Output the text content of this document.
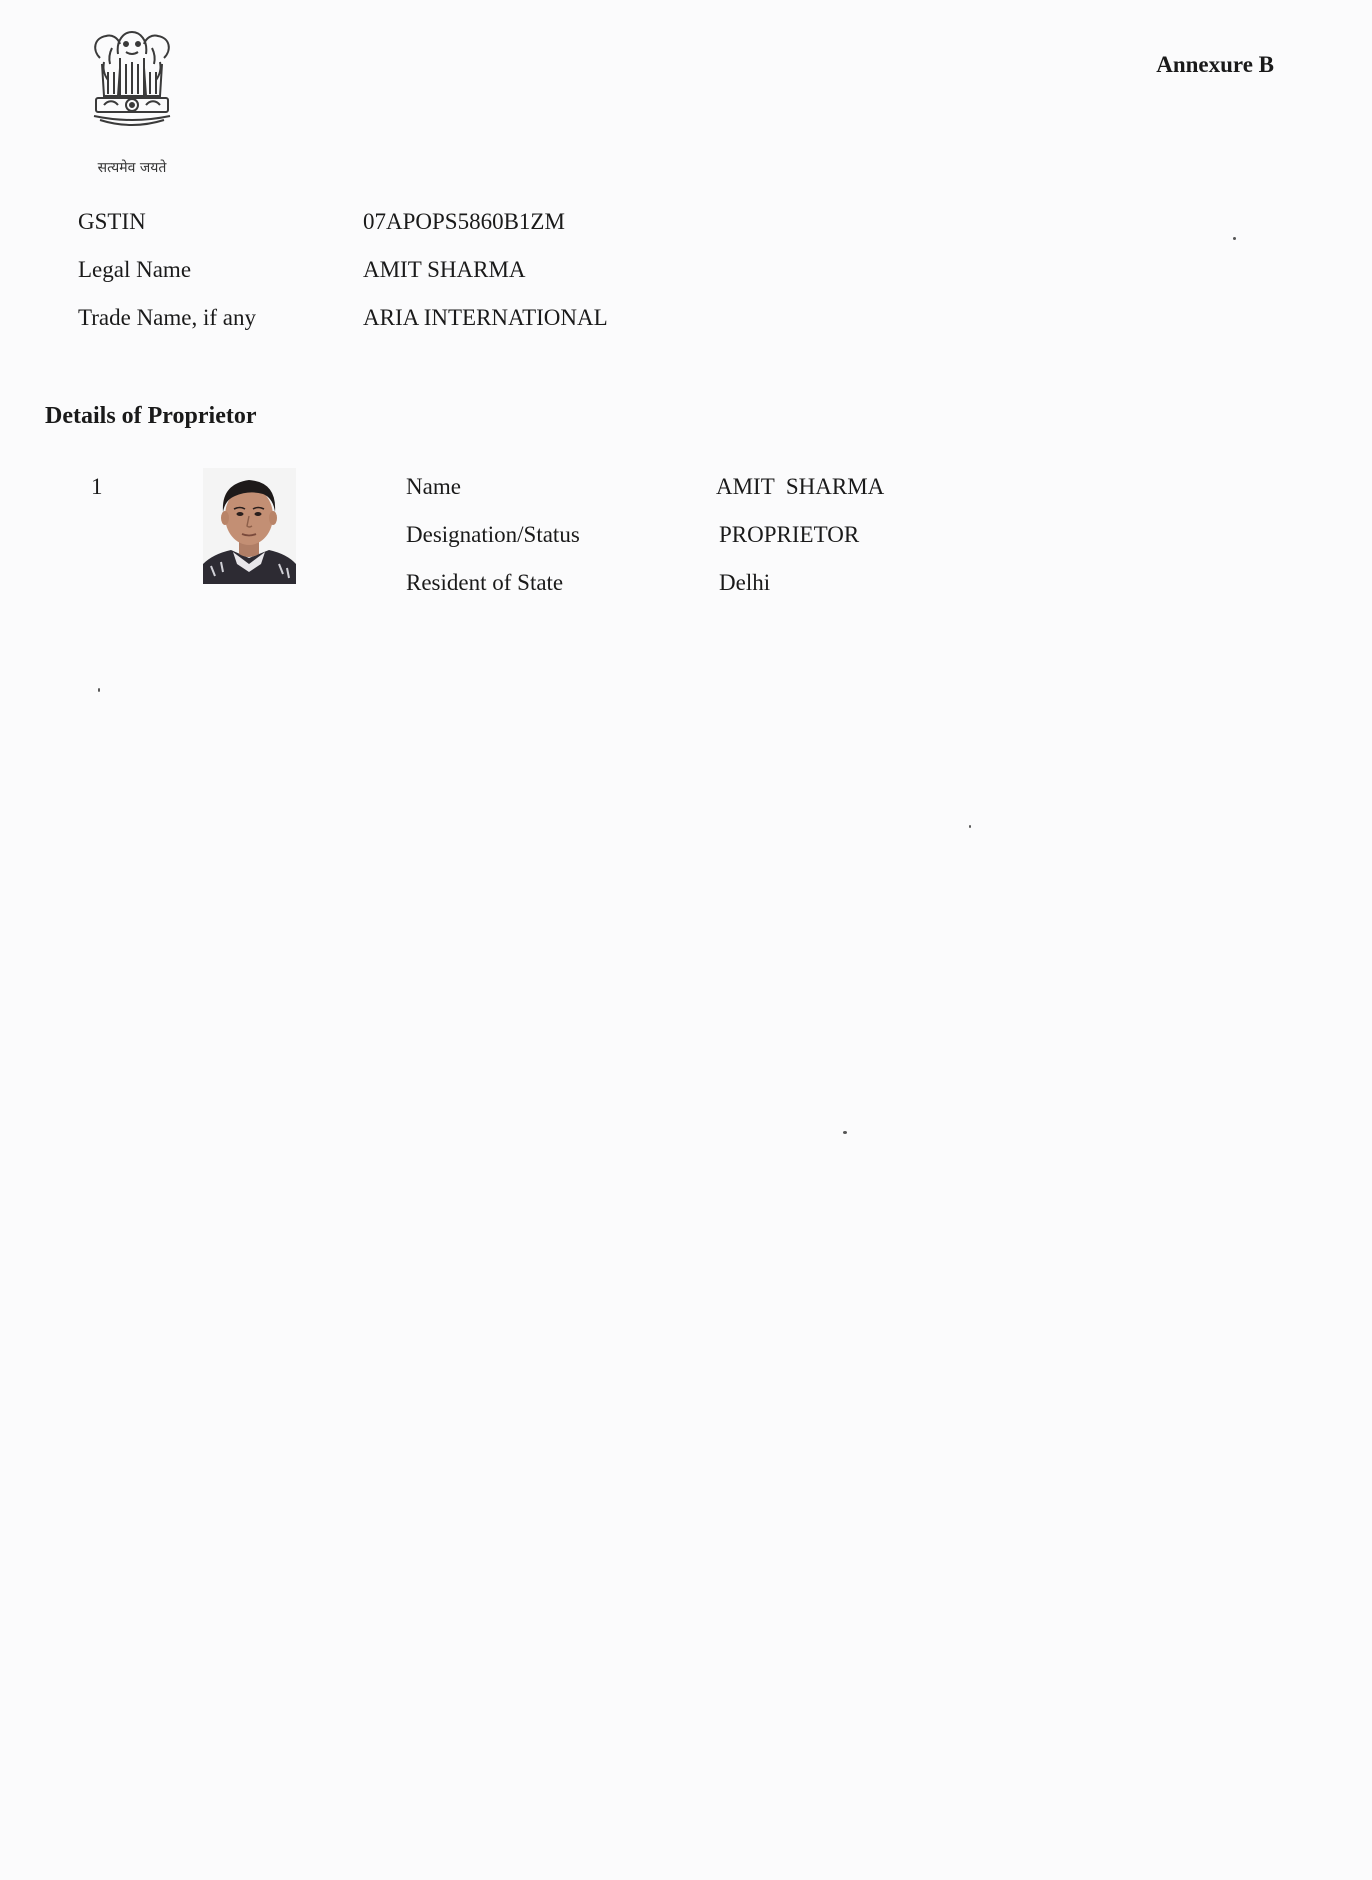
सत्यमेव जयते
Annexure B
GSTIN	07APOPS5860B1ZM
Legal Name	AMIT SHARMA
Trade Name, if any	ARIA INTERNATIONAL
Details of Proprietor
1	Name	AMIT  SHARMA
Designation/Status	PROPRIETOR
Resident of State	Delhi
